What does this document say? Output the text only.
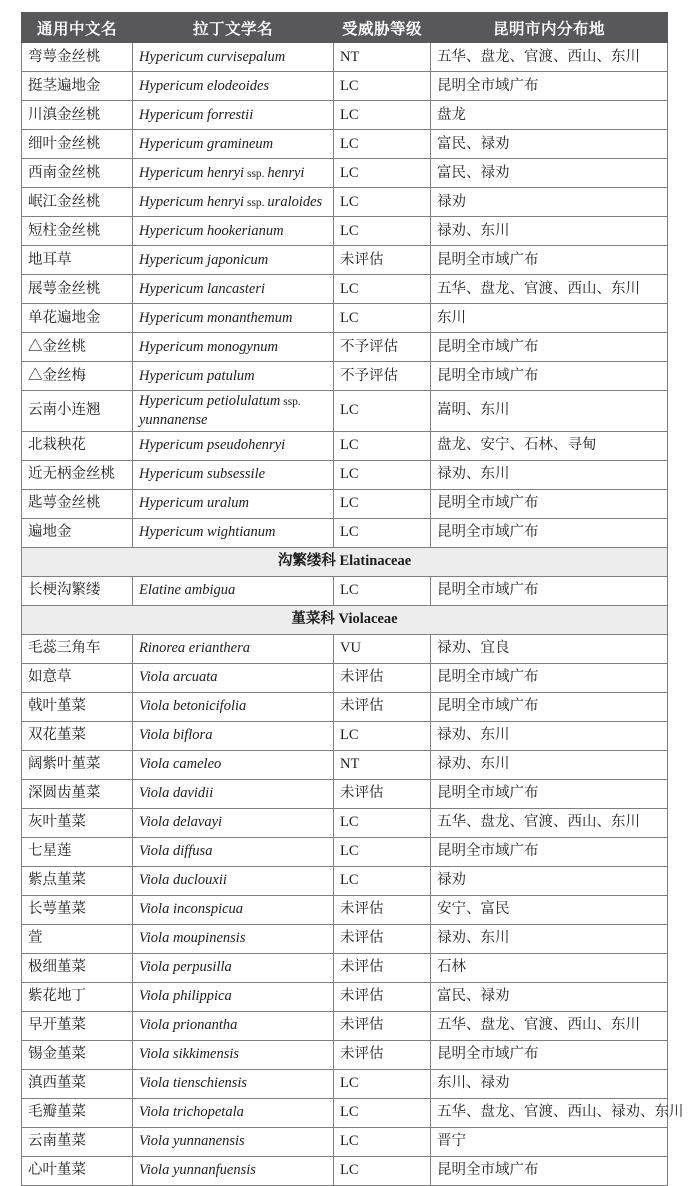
通用中文名	拉丁文学名	受威胁等级	昆明市内分布地
弯萼金丝桃	Hypericum curvisepalum	NT	五华、盘龙、官渡、西山、东川
挺茎遍地金	Hypericum elodeoides	LC	昆明全市域广布
川滇金丝桃	Hypericum forrestii	LC	盘龙
细叶金丝桃	Hypericum gramineum	LC	富民、禄劝
西南金丝桃	Hypericum henryi ssp. henryi	LC	富民、禄劝
岷江金丝桃	Hypericum henryi ssp. uraloides	LC	禄劝
短柱金丝桃	Hypericum hookerianum	LC	禄劝、东川
地耳草	Hypericum japonicum	未评估	昆明全市域广布
展萼金丝桃	Hypericum lancasteri	LC	五华、盘龙、官渡、西山、东川
单花遍地金	Hypericum monanthemum	LC	东川
△金丝桃	Hypericum monogynum	不予评估	昆明全市域广布
△金丝梅	Hypericum patulum	不予评估	昆明全市域广布
云南小连翘	Hypericum petiolulatum ssp. yunnanense	LC	嵩明、东川
北栽秧花	Hypericum pseudohenryi	LC	盘龙、安宁、石林、寻甸
近无柄金丝桃	Hypericum subsessile	LC	禄劝、东川
匙萼金丝桃	Hypericum uralum	LC	昆明全市域广布
遍地金	Hypericum wightianum	LC	昆明全市域广布
沟繁缕科 Elatinaceae			
长梗沟繁缕	Elatine ambigua	LC	昆明全市域广布
堇菜科 Violaceae			
毛蕊三角车	Rinorea erianthera	VU	禄劝、宜良
如意草	Viola arcuata	未评估	昆明全市域广布
戟叶堇菜	Viola betonicifolia	未评估	昆明全市域广布
双花堇菜	Viola biflora	LC	禄劝、东川
阔紫叶堇菜	Viola cameleo	NT	禄劝、东川
深圆齿堇菜	Viola davidii	未评估	昆明全市域广布
灰叶堇菜	Viola delavayi	LC	五华、盘龙、官渡、西山、东川
七星莲	Viola diffusa	LC	昆明全市域广布
紫点堇菜	Viola duclouxii	LC	禄劝
长萼堇菜	Viola inconspicua	未评估	安宁、富民
萱	Viola moupinensis	未评估	禄劝、东川
极细堇菜	Viola perpusilla	未评估	石林
紫花地丁	Viola philippica	未评估	富民、禄劝
早开堇菜	Viola prionantha	未评估	五华、盘龙、官渡、西山、东川
锡金堇菜	Viola sikkimensis	未评估	昆明全市域广布
滇西堇菜	Viola tienschiensis	LC	东川、禄劝
毛瓣堇菜	Viola trichopetala	LC	五华、盘龙、官渡、西山、禄劝、东川
云南堇菜	Viola yunnanensis	LC	晋宁
心叶堇菜	Viola yunnanfuensis	LC	昆明全市域广布
